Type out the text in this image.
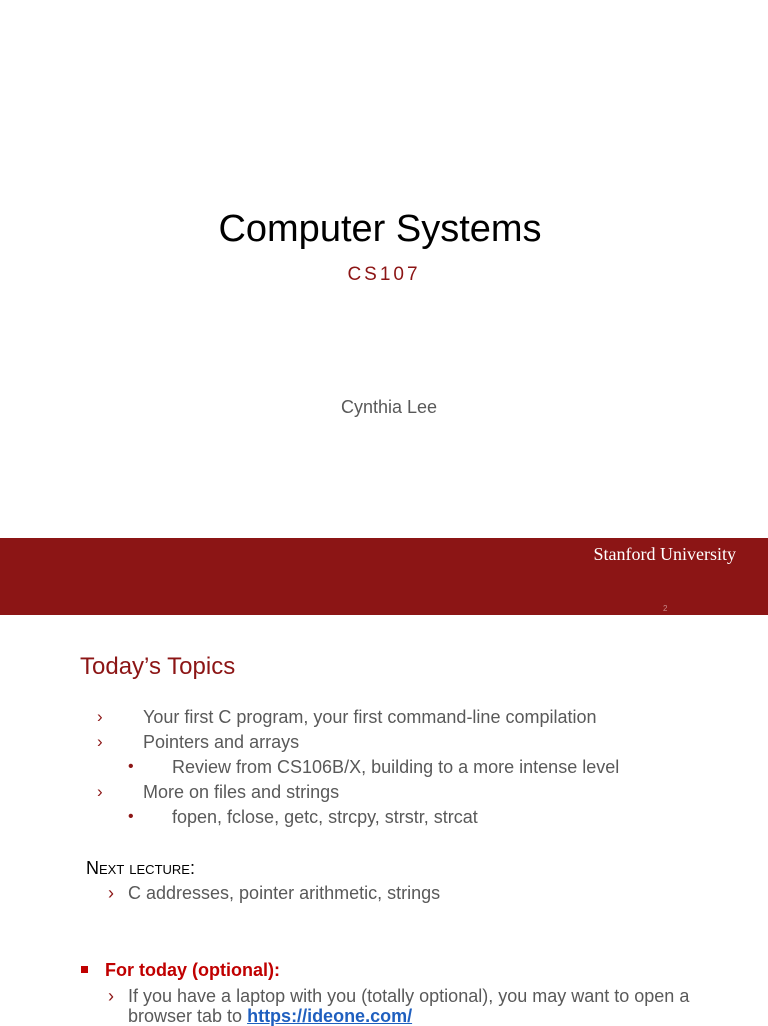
Computer Systems
CS107
Cynthia Lee
Stanford University
2
Today’s Topics
› Your first C program, your first command-line compilation
› Pointers and arrays
• Review from CS106B/X, building to a more intense level
› More on files and strings
• fopen, fclose, getc, strcpy, strstr, strcat
Next lecture:
› C addresses, pointer arithmetic, strings
For today (optional):
› If you have a laptop with you (totally optional), you may want to open a browser tab to https://ideone.com/
